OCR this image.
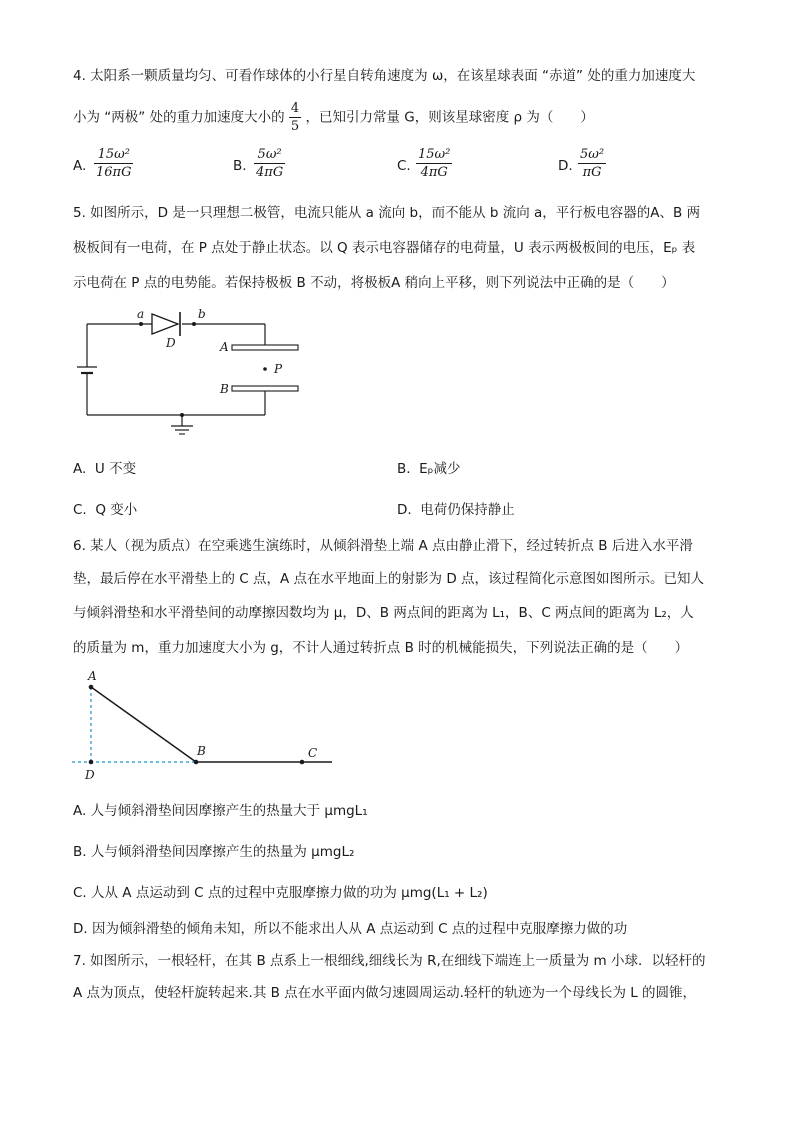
4. 太阳系一颗质量均匀、可看作球体的小行星自转角速度为 ω，在该星球表面 “赤道” 处的重力加速度大
小为 “两极” 处的重力加速度大小的 $\frac{4}{5}$ ，已知引力常量 G，则该星球密度 ρ 为（　　）
A. $\frac{\text{15ω²}}{16\pi G}$	B. $\frac{\text{5ω²}}{4\pi G}$	C. $\frac{\text{15ω²}}{4\pi G}$	D. $\frac{\text{5ω²}}{\pi G}$
5. 如图所示，D 是一只理想二极管，电流只能从 a 流向 b，而不能从 b 流向 a，平行板电容器的A、B 两
极板间有一电荷，在 P 点处于静止状态。以 Q 表示电容器储存的电荷量，U 表示两极板间的电压，Eₚ 表
示电荷在 P 点的电势能。若保持极板 B 不动，将极板A 稍向上平移，则下列说法中正确的是（　　）
a	b
D	A
P
B
A. U 不变	B. Eₚ减少
C. Q 变小	D. 电荷仍保持静止
6. 某人（视为质点）在空乘逃生演练时，从倾斜滑垫上端 A 点由静止滑下，经过转折点 B 后进入水平滑
垫，最后停在水平滑垫上的 C 点，A 点在水平地面上的射影为 D 点，该过程简化示意图如图所示。已知人
与倾斜滑垫和水平滑垫间的动摩擦因数均为 μ，D、B 两点间的距离为 L₁，B、C 两点间的距离为 L₂，人
的质量为 m，重力加速度大小为 g，不计人通过转折点 B 时的机械能损失，下列说法正确的是（　　）
A
D
B	C
A. 人与倾斜滑垫间因摩擦产生的热量大于 μmgL₁
B. 人与倾斜滑垫间因摩擦产生的热量为 μmgL₂
C. 人从 A 点运动到 C 点的过程中克服摩擦力做的功为 μmg(L₁ + L₂)
D. 因为倾斜滑垫的倾角未知，所以不能求出人从 A 点运动到 C 点的过程中克服摩擦力做的功
7. 如图所示，一根轻杆，在其 B 点系上一根细线,细线长为 R,在细线下端连上一质量为 m 小球．以轻杆的
A 点为顶点，使轻杆旋转起来.其 B 点在水平面内做匀速圆周运动.轻杆的轨迹为一个母线长为 L 的圆锥，
